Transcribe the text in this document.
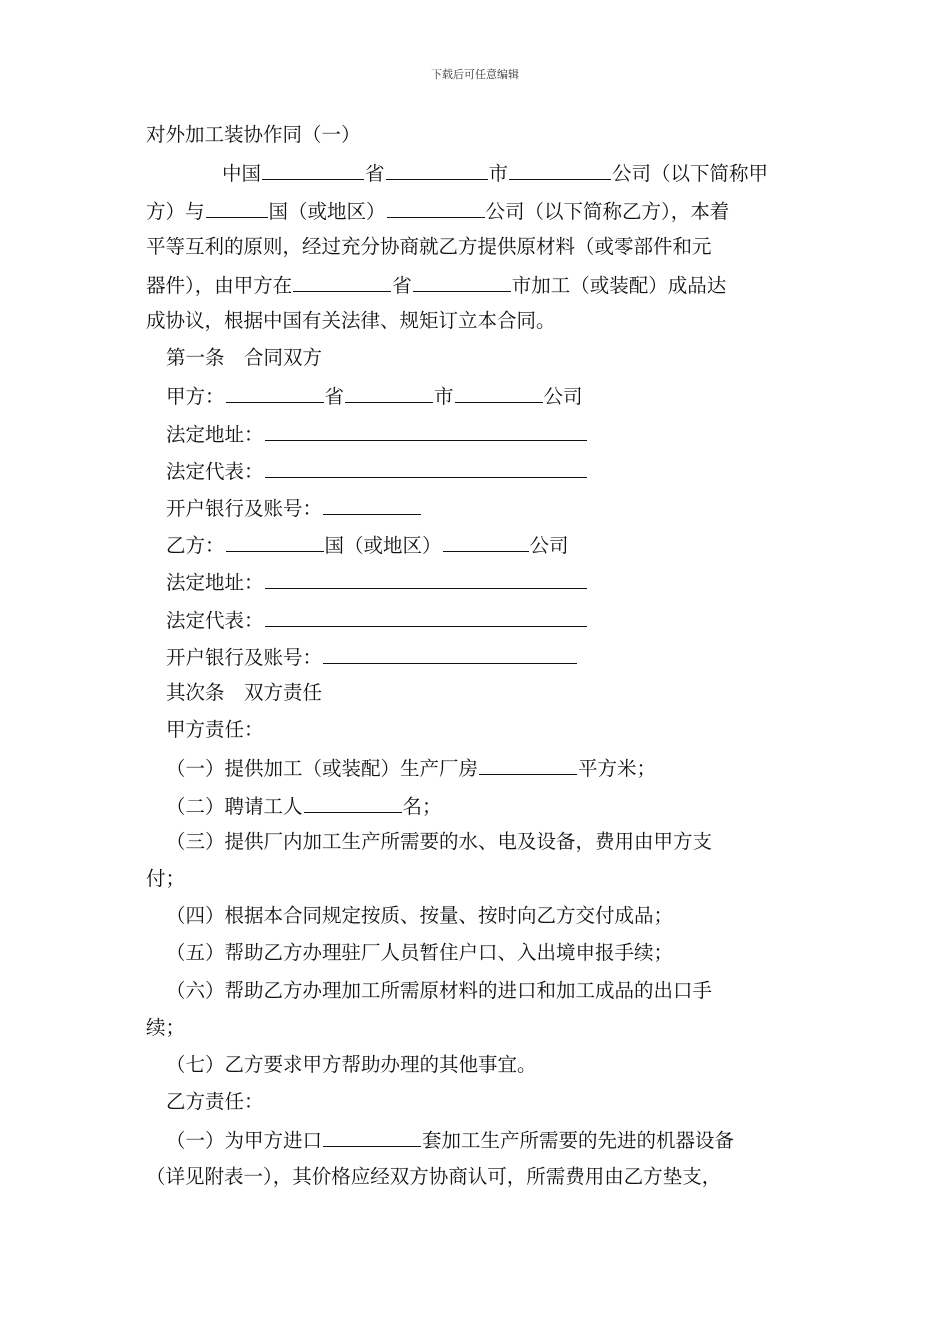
下载后可任意编辑
对外加工装协作同（一）
中国	省	市	公司（以下简称甲
方）与	国（或地区）	公司（以下简称乙方），本着
平等互利的原则，经过充分协商就乙方提供原材料（或零部件和元
器件），由甲方在	省	市加工（或装配）成品达
成协议，根据中国有关法律、规矩订立本合同。
第一条　合同双方
甲方：	省	市	公司
法定地址：
法定代表：
开户银行及账号：
乙方：	国（或地区）	公司
法定地址：
法定代表：
开户银行及账号：
其次条　双方责任
甲方责任：
（一）提供加工（或装配）生产厂房	平方米；
（二）聘请工人	名；
（三）提供厂内加工生产所需要的水、电及设备，费用由甲方支
付；
（四）根据本合同规定按质、按量、按时向乙方交付成品；
（五）帮助乙方办理驻厂人员暂住户口、入出境申报手续；
（六）帮助乙方办理加工所需原材料的进口和加工成品的出口手
续；
（七）乙方要求甲方帮助办理的其他事宜。
乙方责任：
（一）为甲方进口	套加工生产所需要的先进的机器设备
（详见附表一），其价格应经双方协商认可，所需费用由乙方垫支，
